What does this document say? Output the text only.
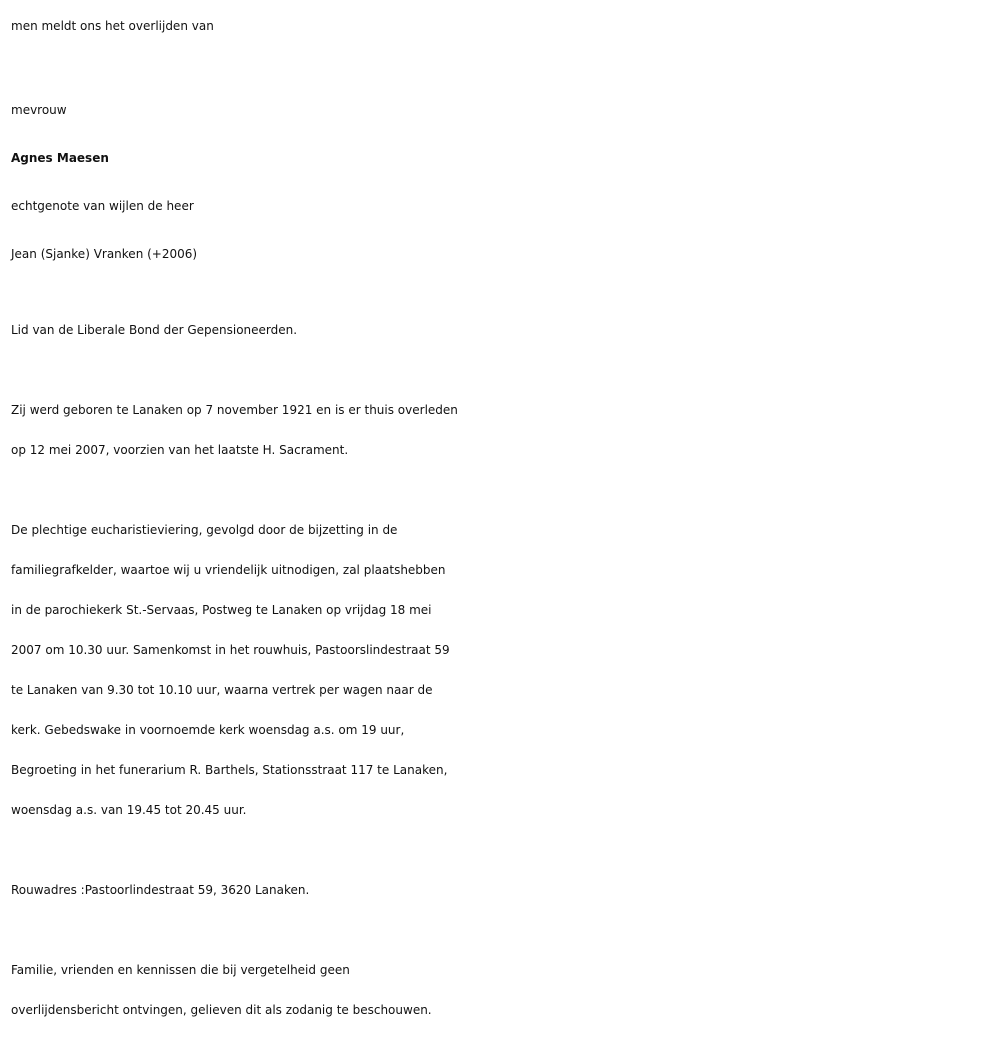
men meldt ons het overlijden van

mevrouw

Agnes Maesen

echtgenote van wijlen de heer

Jean (Sjanke) Vranken (+2006)

Lid van de Liberale Bond der Gepensioneerden.

Zij werd geboren te Lanaken op 7 november 1921 en is er thuis overleden

op 12 mei 2007, voorzien van het laatste H. Sacrament.

De plechtige eucharistieviering, gevolgd door de bijzetting in de

familiegrafkelder, waartoe wij u vriendelijk uitnodigen, zal plaatshebben

in de parochiekerk St.-Servaas, Postweg te Lanaken op vrijdag 18 mei

2007 om 10.30 uur. Samenkomst in het rouwhuis, Pastoorslindestraat 59

te Lanaken van 9.30 tot 10.10 uur, waarna vertrek per wagen naar de

kerk. Gebedswake in voornoemde kerk woensdag a.s. om 19 uur,

Begroeting in het funerarium R. Barthels, Stationsstraat 117 te Lanaken,

woensdag a.s. van 19.45 tot 20.45 uur.

Rouwadres :Pastoorlindestraat 59, 3620 Lanaken.

Familie, vrienden en kennissen die bij vergetelheid geen

overlijdensbericht ontvingen, gelieven dit als zodanig te beschouwen.
